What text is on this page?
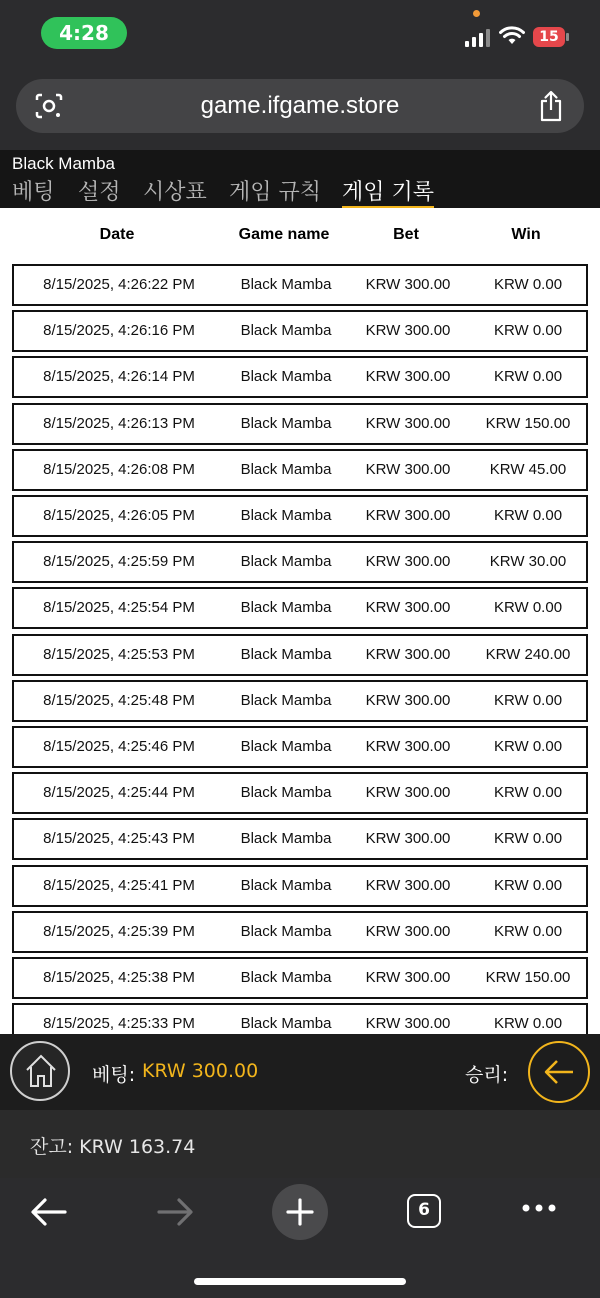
4:28	15
game.ifgame.store
Black Mamba
베팅 설정 시상표 게임 규칙 게임 기록
Date	Game name	Bet	Win
8/15/2025, 4:26:22 PM	Black Mamba	KRW 300.00	KRW 0.00
8/15/2025, 4:26:16 PM	Black Mamba	KRW 300.00	KRW 0.00
8/15/2025, 4:26:14 PM	Black Mamba	KRW 300.00	KRW 0.00
8/15/2025, 4:26:13 PM	Black Mamba	KRW 300.00	KRW 150.00
8/15/2025, 4:26:08 PM	Black Mamba	KRW 300.00	KRW 45.00
8/15/2025, 4:26:05 PM	Black Mamba	KRW 300.00	KRW 0.00
8/15/2025, 4:25:59 PM	Black Mamba	KRW 300.00	KRW 30.00
8/15/2025, 4:25:54 PM	Black Mamba	KRW 300.00	KRW 0.00
8/15/2025, 4:25:53 PM	Black Mamba	KRW 300.00	KRW 240.00
8/15/2025, 4:25:48 PM	Black Mamba	KRW 300.00	KRW 0.00
8/15/2025, 4:25:46 PM	Black Mamba	KRW 300.00	KRW 0.00
8/15/2025, 4:25:44 PM	Black Mamba	KRW 300.00	KRW 0.00
8/15/2025, 4:25:43 PM	Black Mamba	KRW 300.00	KRW 0.00
8/15/2025, 4:25:41 PM	Black Mamba	KRW 300.00	KRW 0.00
8/15/2025, 4:25:39 PM	Black Mamba	KRW 300.00	KRW 0.00
8/15/2025, 4:25:38 PM	Black Mamba	KRW 300.00	KRW 150.00
8/15/2025, 4:25:33 PM	Black Mamba	KRW 300.00	KRW 0.00
베팅: KRW 300.00	승리:
잔고: KRW 163.74
6
